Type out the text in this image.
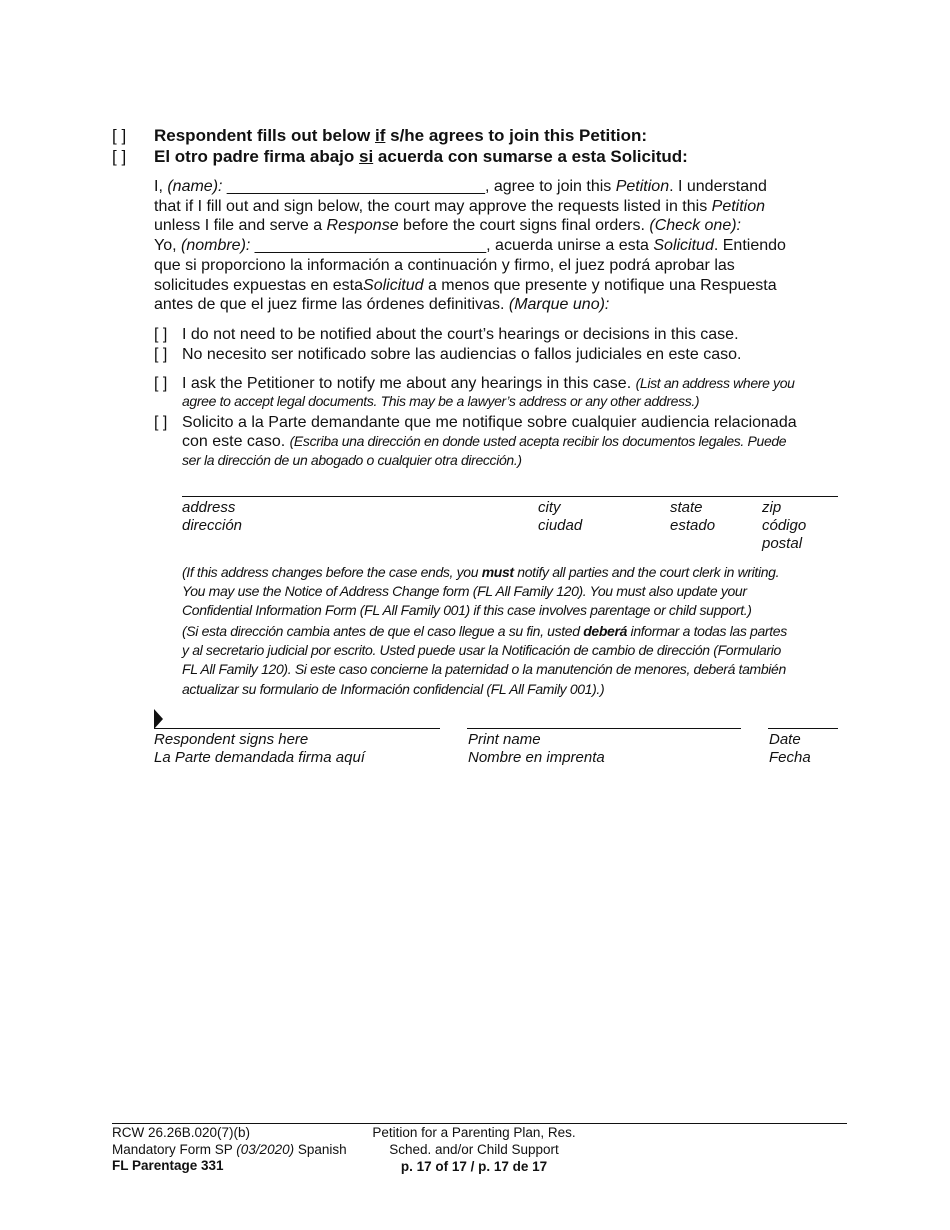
[ ] Respondent fills out below if s/he agrees to join this Petition:
[ ] El otro padre firma abajo si acuerda con sumarse a esta Solicitud:
I, (name): _____________________________, agree to join this Petition. I understand
that if I fill out and sign below, the court may approve the requests listed in this Petition
unless I file and serve a Response before the court signs final orders. (Check one):
Yo, (nombre): __________________________, acuerda unirse a esta Solicitud. Entiendo
que si proporciono la información a continuación y firmo, el juez podrá aprobar las
solicitudes expuestas en estaSolicitud a menos que presente y notifique una Respuesta
antes de que el juez firme las órdenes definitivas. (Marque uno):
[ ] I do not need to be notified about the court’s hearings or decisions in this case.
[ ] No necesito ser notificado sobre las audiencias o fallos judiciales en este caso.
[ ] I ask the Petitioner to notify me about any hearings in this case. (List an address where you
agree to accept legal documents. This may be a lawyer’s address or any other address.)
[ ] Solicito a la Parte demandante que me notifique sobre cualquier audiencia relacionada
con este caso. (Escriba una dirección en donde usted acepta recibir los documentos legales. Puede
ser la dirección de un abogado o cualquier otra dirección.)
address
dirección
city
ciudad
state
estado
zip
código
postal
(If this address changes before the case ends, you must notify all parties and the court clerk in writing.
You may use the Notice of Address Change form (FL All Family 120). You must also update your
Confidential Information Form (FL All Family 001) if this case involves parentage or child support.)
(Si esta dirección cambia antes de que el caso llegue a su fin, usted deberá informar a todas las partes
y al secretario judicial por escrito. Usted puede usar la Notificación de cambio de dirección (Formulario
FL All Family 120). Si este caso concierne la paternidad o la manutención de menores, deberá también
actualizar su formulario de Información confidencial (FL All Family 001).)
Respondent signs here
La Parte demandada firma aquí
Print name
Nombre en imprenta
Date
Fecha
RCW 26.26B.020(7)(b)
Mandatory Form SP (03/2020) Spanish
FL Parentage 331
Petition for a Parenting Plan, Res.
Sched. and/or Child Support
p. 17 of 17 / p. 17 de 17
